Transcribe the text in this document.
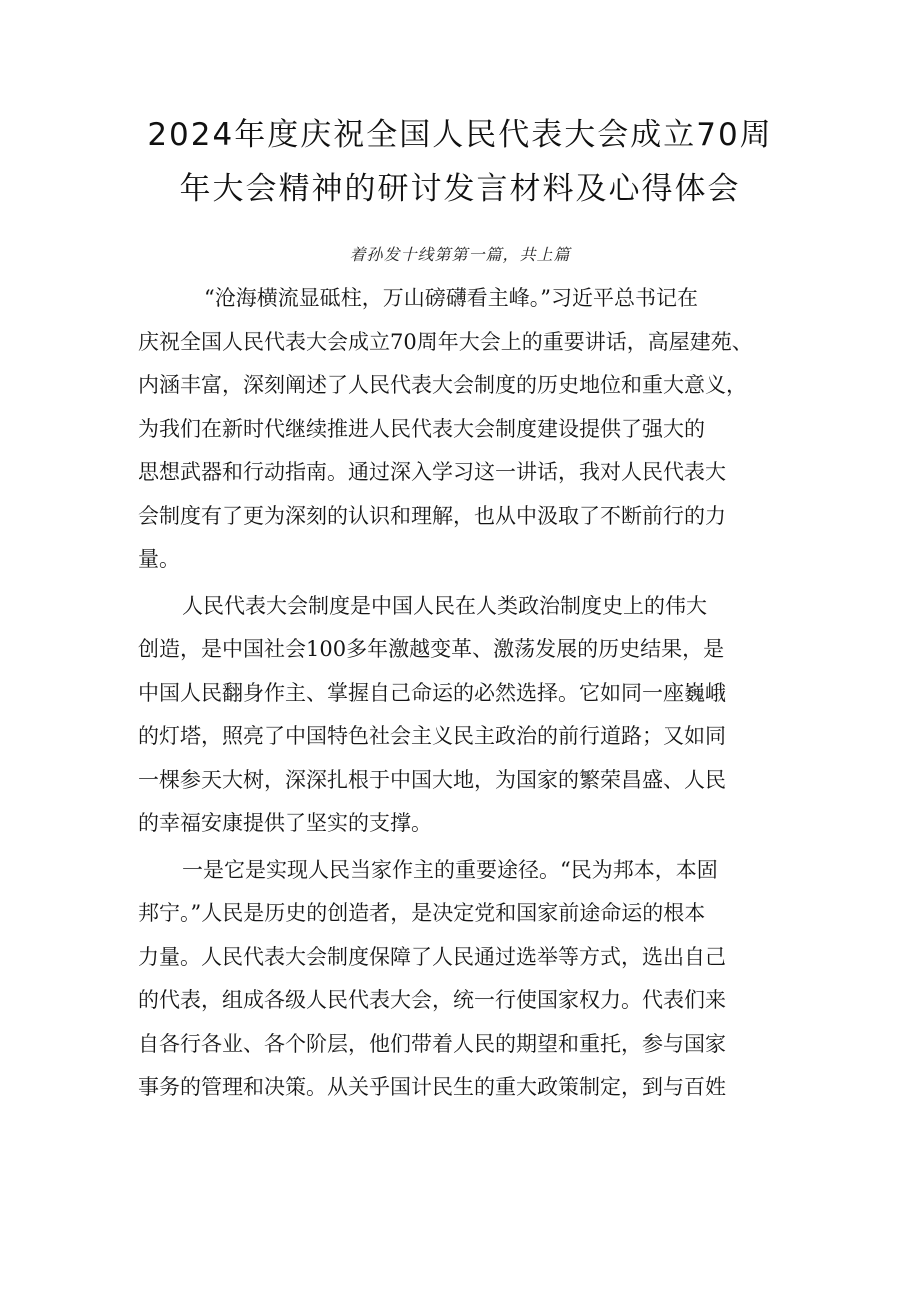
2024年度庆祝全国人民代表大会成立70周
年大会精神的研讨发言材料及心得体会

着孙发十线第第一篇，共上篇

“沧海横流显砥柱，万山磅礴看主峰。”习近平总书记在
庆祝全国人民代表大会成立70周年大会上的重要讲话，高屋建苑、
内涵丰富，深刻阐述了人民代表大会制度的历史地位和重大意义，
为我们在新时代继续推进人民代表大会制度建设提供了强大的
思想武器和行动指南。通过深入学习这一讲话，我对人民代表大
会制度有了更为深刻的认识和理解，也从中汲取了不断前行的力
量。

人民代表大会制度是中国人民在人类政治制度史上的伟大
创造，是中国社会100多年激越变革、激荡发展的历史结果，是
中国人民翻身作主、掌握自己命运的必然选择。它如同一座巍峨
的灯塔，照亮了中国特色社会主义民主政治的前行道路；又如同
一棵参天大树，深深扎根于中国大地，为国家的繁荣昌盛、人民
的幸福安康提供了坚实的支撑。

一是它是实现人民当家作主的重要途径。“民为邦本，本固
邦宁。”人民是历史的创造者，是决定党和国家前途命运的根本
力量。人民代表大会制度保障了人民通过选举等方式，选出自己
的代表，组成各级人民代表大会，统一行使国家权力。代表们来
自各行各业、各个阶层，他们带着人民的期望和重托，参与国家
事务的管理和决策。从关乎国计民生的重大政策制定，到与百姓
